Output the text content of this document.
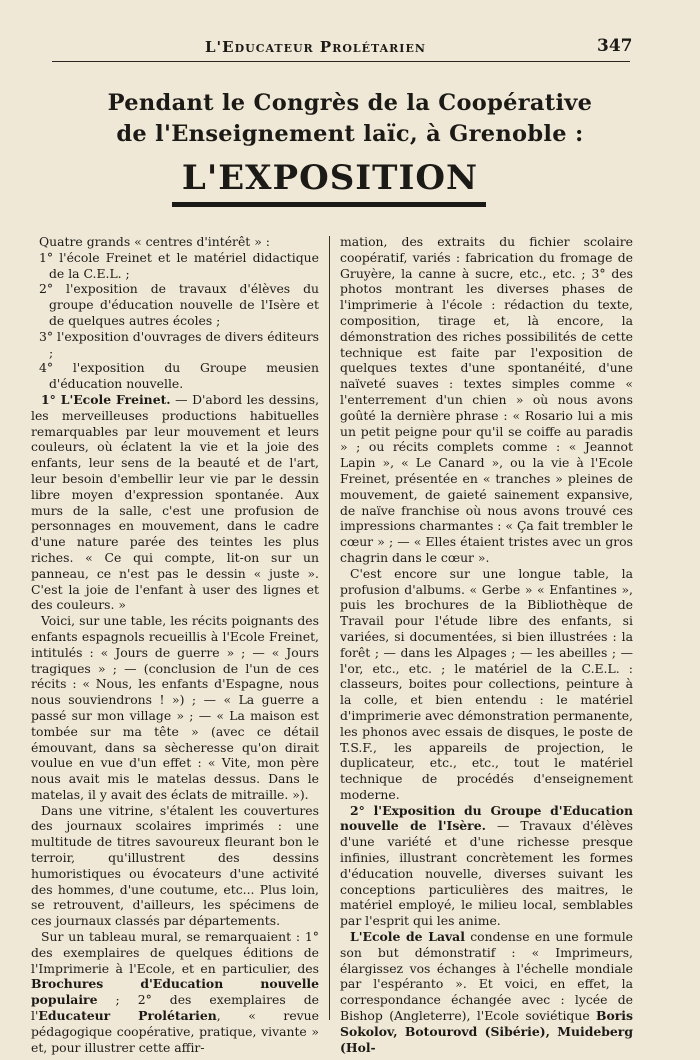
L'Educateur Prolétarien	347
Pendant le Congrès de la Coopérative
de l'Enseignement laïc, à Grenoble :
L'EXPOSITION

Quatre grands « centres d'intérêt » :

1° l'école Freinet et le matériel didactique de la C.E.L. ;

2° l'exposition de travaux d'élèves du groupe d'éducation nouvelle de l'Isère et de quelques autres écoles ;

3° l'exposition d'ouvrages de divers éditeurs ;

4° l'exposition du Groupe meusien d'éducation nouvelle.

1° L'Ecole Freinet. — D'abord les dessins, les merveilleuses productions habituelles remarquables par leur mouvement et leurs couleurs, où éclatent la vie et la joie des enfants, leur sens de la beauté et de l'art, leur besoin d'embellir leur vie par le dessin libre moyen d'expression spontanée. Aux murs de la salle, c'est une profusion de personnages en mouvement, dans le cadre d'une nature parée des teintes les plus riches. « Ce qui compte, lit-on sur un panneau, ce n'est pas le dessin « juste ». C'est la joie de l'enfant à user des lignes et des couleurs. »

Voici, sur une table, les récits poignants des enfants espagnols recueillis à l'Ecole Freinet, intitulés : « Jours de guerre » ; — « Jours tragiques » ; — (conclusion de l'un de ces récits : « Nous, les enfants d'Espagne, nous nous souviendrons ! ») ; — « La guerre a passé sur mon village » ; — « La maison est tombée sur ma tête » (avec ce détail émouvant, dans sa sècheresse qu'on dirait voulue en vue d'un effet : « Vite, mon père nous avait mis le matelas dessus. Dans le matelas, il y avait des éclats de mitraille. »).

Dans une vitrine, s'étalent les couvertures des journaux scolaires imprimés : une multitude de titres savoureux fleurant bon le terroir, qu'illustrent des dessins humoristiques ou évocateurs d'une activité des hommes, d'une coutume, etc... Plus loin, se retrouvent, d'ailleurs, les spécimens de ces journaux classés par départements.

Sur un tableau mural, se remarquaient : 1° des exemplaires de quelques éditions de l'Imprimerie à l'Ecole, et en particulier, des Brochures d'Education nouvelle populaire ; 2° des exemplaires de l'Educateur Prolétarien, « revue pédagogique coopérative, pratique, vivante » et, pour illustrer cette affir-

mation, des extraits du fichier scolaire coopératif, variés : fabrication du fromage de Gruyère, la canne à sucre, etc., etc. ; 3° des photos montrant les diverses phases de l'imprimerie à l'école : rédaction du texte, composition, tirage et, là encore, la démonstration des riches possibilités de cette technique est faite par l'exposition de quelques textes d'une spontanéité, d'une naïveté suaves : textes simples comme « l'enterrement d'un chien » où nous avons goûté la dernière phrase : « Rosario lui a mis un petit peigne pour qu'il se coiffe au paradis » ; ou récits complets comme : « Jeannot Lapin », « Le Canard », ou la vie à l'Ecole Freinet, présentée en « tranches » pleines de mouvement, de gaieté sainement expansive, de naïve franchise où nous avons trouvé ces impressions charmantes : « Ça fait trembler le cœur » ; — « Elles étaient tristes avec un gros chagrin dans le cœur ».

C'est encore sur une longue table, la profusion d'albums. « Gerbe » « Enfantines », puis les brochures de la Bibliothèque de Travail pour l'étude libre des enfants, si variées, si documentées, si bien illustrées : la forêt ; — dans les Alpages ; — les abeilles ; — l'or, etc., etc. ; le matériel de la C.E.L. : classeurs, boites pour collections, peinture à la colle, et bien entendu : le matériel d'imprimerie avec démonstration permanente, les phonos avec essais de disques, le poste de T.S.F., les appareils de projection, le duplicateur, etc., etc., tout le matériel technique de procédés d'enseignement moderne.

2° l'Exposition du Groupe d'Education nouvelle de l'Isère. — Travaux d'élèves d'une variété et d'une richesse presque infinies, illustrant concrètement les formes d'éducation nouvelle, diverses suivant les conceptions particulières des maitres, le matériel employé, le milieu local, semblables par l'esprit qui les anime.

L'Ecole de Laval condense en une formule son but démonstratif : « Imprimeurs, élargissez vos échanges à l'échelle mondiale par l'espéranto ». Et voici, en effet, la correspondance échangée avec : lycée de Bishop (Angleterre), l'Ecole soviétique Boris Sokolov, Botourovd (Sibérie), Muideberg (Hol-
